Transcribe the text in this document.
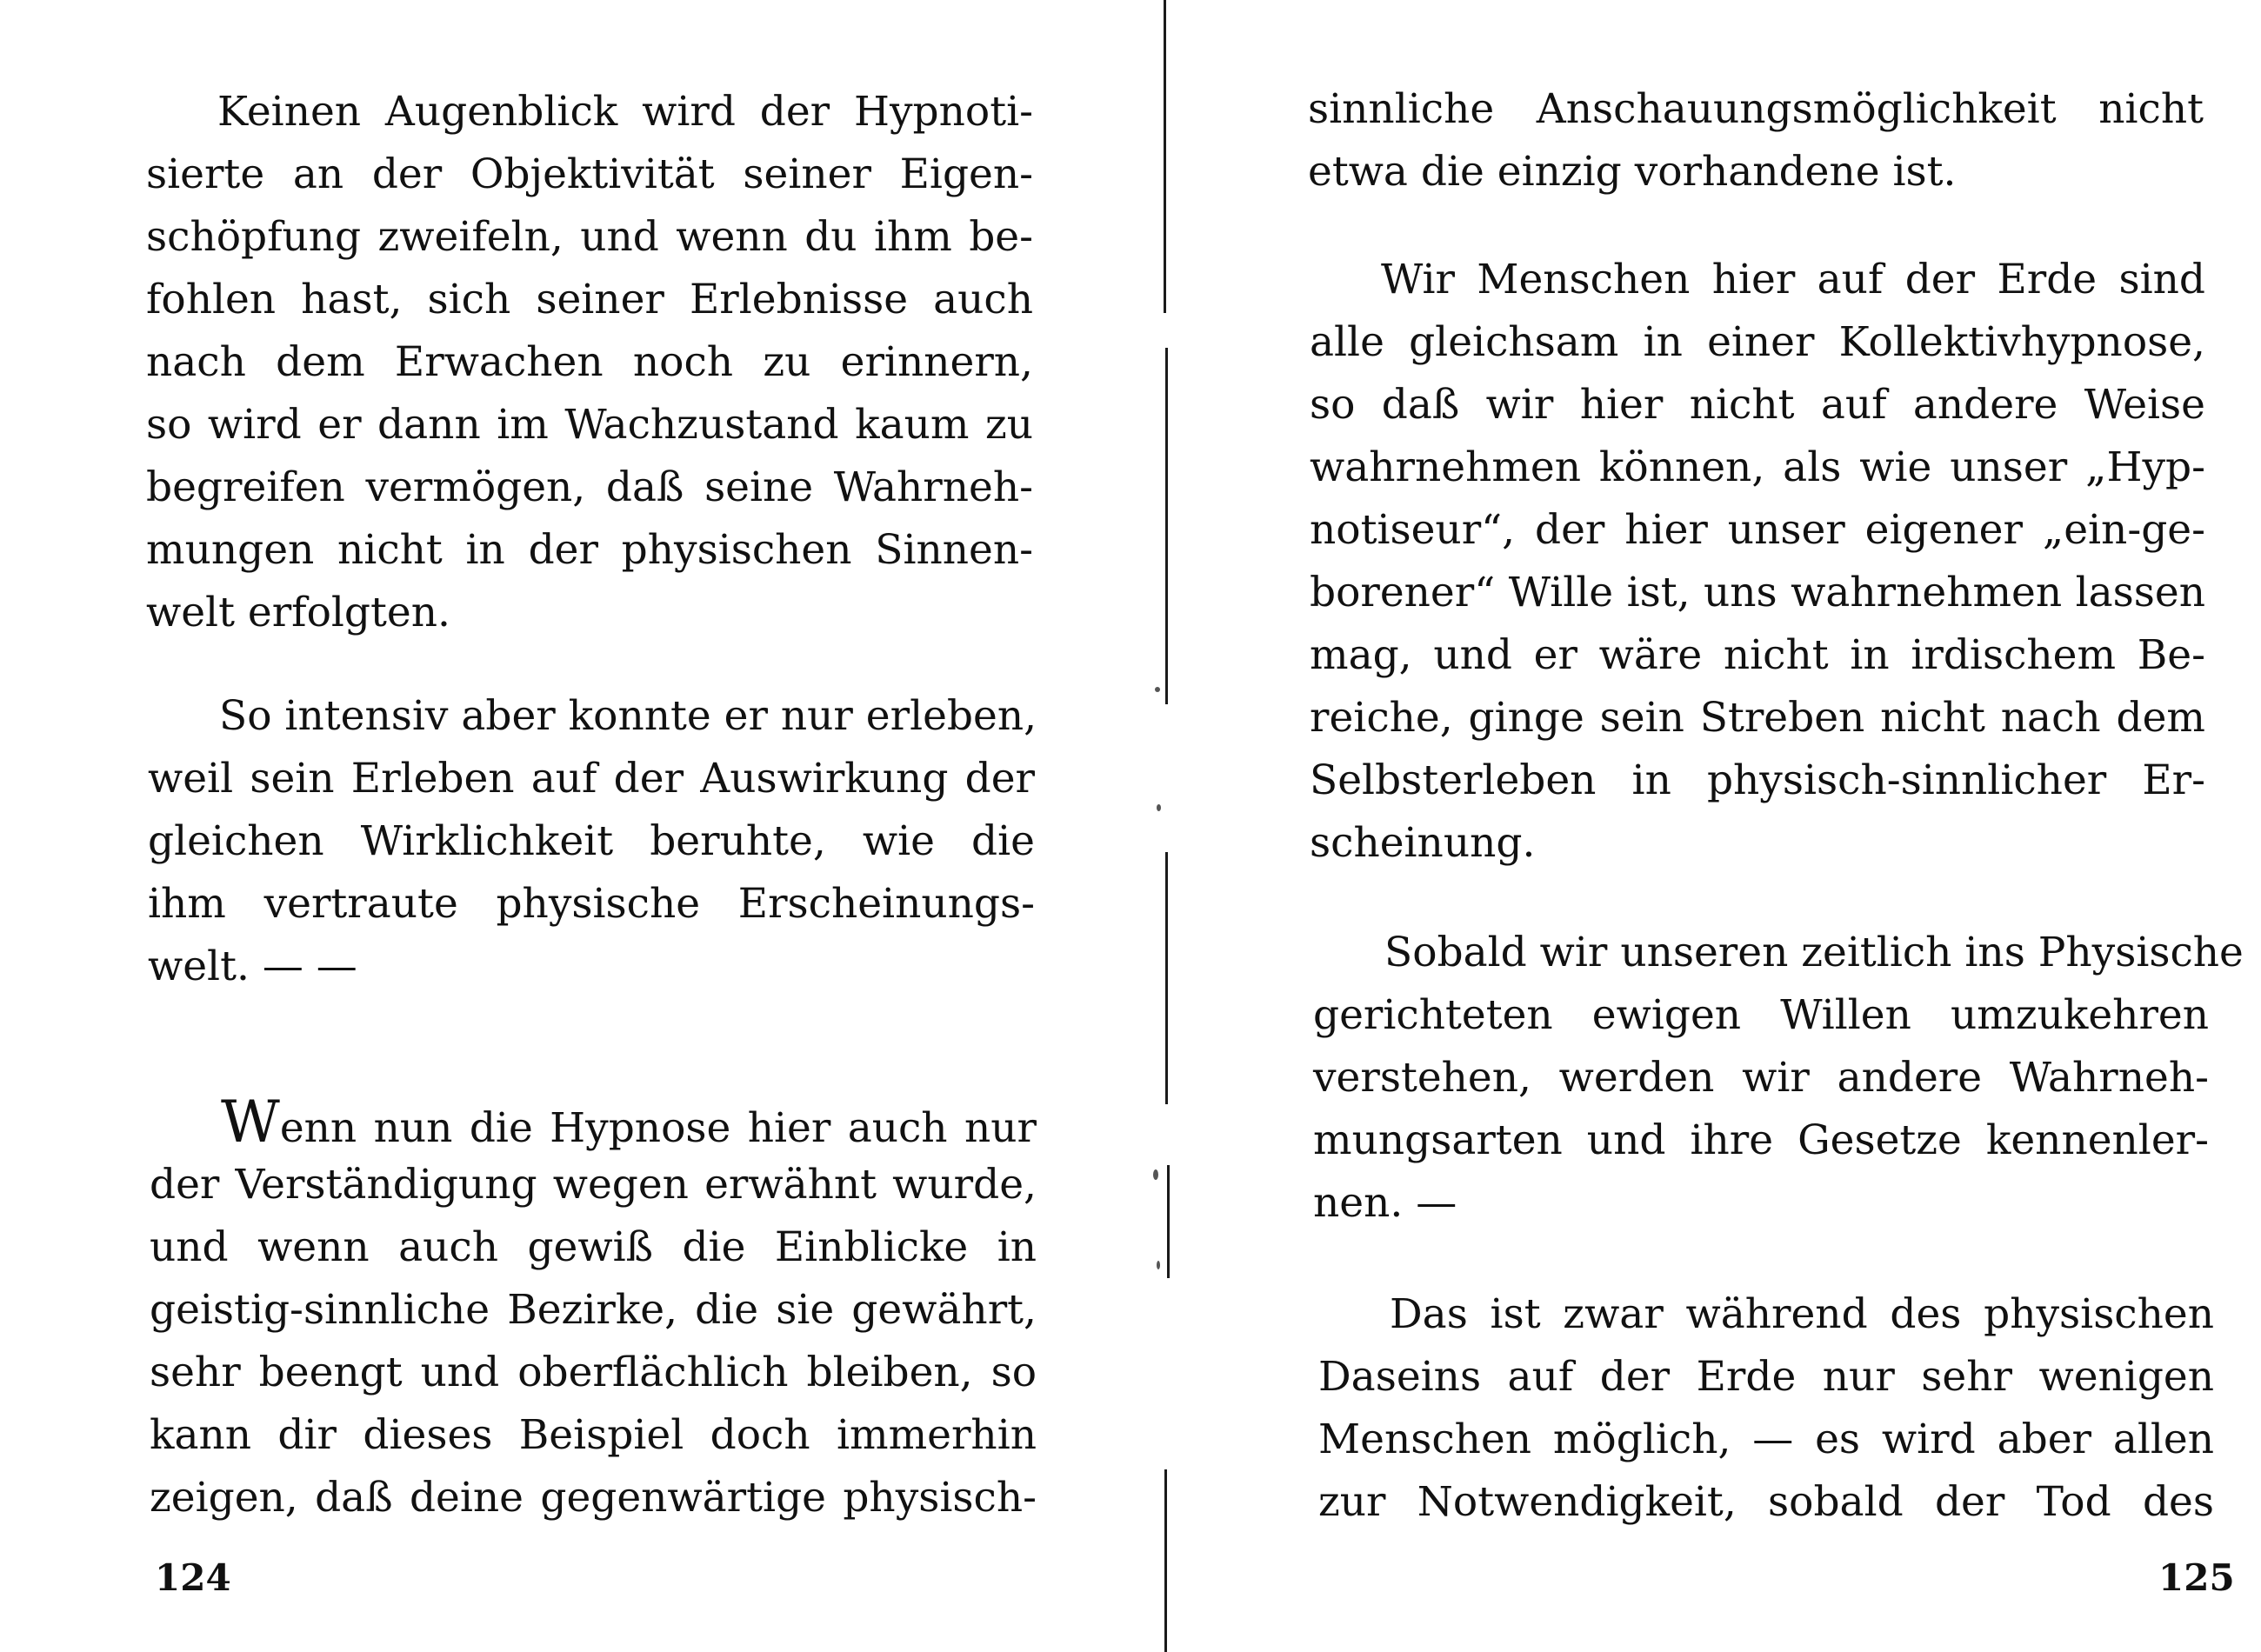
Keinen Augenblick wird der Hypnoti-
sierte an der Objektivität seiner Eigen-
schöpfung zweifeln, und wenn du ihm be-
fohlen hast, sich seiner Erlebnisse auch
nach dem Erwachen noch zu erinnern,
so wird er dann im Wachzustand kaum zu
begreifen vermögen, daß seine Wahrneh-
mungen nicht in der physischen Sinnen-
welt erfolgten.
So intensiv aber konnte er nur erleben,
weil sein Erleben auf der Auswirkung der
gleichen Wirklichkeit beruhte, wie die
ihm vertraute physische Erscheinungs-
welt. — —
Wenn nun die Hypnose hier auch nur
der Verständigung wegen erwähnt wurde,
und wenn auch gewiß die Einblicke in
geistig-sinnliche Bezirke, die sie gewährt,
sehr beengt und oberflächlich bleiben, so
kann dir dieses Beispiel doch immerhin
zeigen, daß deine gegenwärtige physisch-
124
sinnliche Anschauungsmöglichkeit nicht
etwa die einzig vorhandene ist.
Wir Menschen hier auf der Erde sind
alle gleichsam in einer Kollektivhypnose,
so daß wir hier nicht auf andere Weise
wahrnehmen können, als wie unser „Hyp-
notiseur“, der hier unser eigener „ein-ge-
borener“ Wille ist, uns wahrnehmen lassen
mag, und er wäre nicht in irdischem Be-
reiche, ginge sein Streben nicht nach dem
Selbsterleben in physisch-sinnlicher Er-
scheinung.
Sobald wir unseren zeitlich ins Physische
gerichteten ewigen Willen umzukehren
verstehen, werden wir andere Wahrneh-
mungsarten und ihre Gesetze kennenler-
nen. —
Das ist zwar während des physischen
Daseins auf der Erde nur sehr wenigen
Menschen möglich, — es wird aber allen
zur Notwendigkeit, sobald der Tod des
125
